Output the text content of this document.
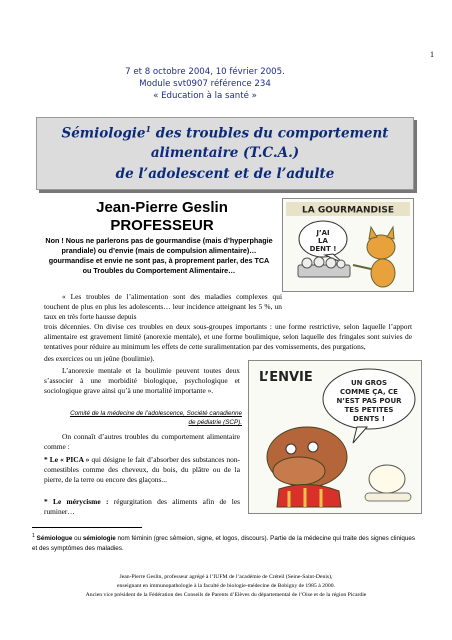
1
7 et 8 octobre 2004, 10 février 2005.
Module svt0907 référence 234
« Education à la santé »
Sémiologie$^1$ des troubles du comportement
alimentaire (T.C.A.)
de l’adolescent et de l’adulte
Jean-Pierre Geslin
PROFESSEUR
Non ! Nous ne parlerons pas de gourmandise (mais d’hyperphagie prandiale) ou d’envie (mais de compulsion alimentaire)… gourmandise et envie ne sont pas, à proprement parler, des TCA ou Troubles du Comportement Alimentaire…
LA GOURMANDISE
J’AI
LA
DENT !
« Les troubles de l’alimentation sont des maladies complexes qui touchent de plus en plus les adolescents… leur incidence atteignant les 5 %, un taux en très forte hausse depuis
trois décennies. On divise ces troubles en deux sous-groupes importants : une forme restrictive, selon laquelle l’apport alimentaire est gravement limité (anorexie mentale), et une forme boulimique, selon laquelle des fringales sont suivies de tentatives pour réduire au minimum les effets de cette suralimentation par des vomissements, des purgations,
des exercices ou un jeûne (boulimie).
L’ENVIE	UN GROS
COMME ÇA, CE
N’EST PAS POUR
TES PETITES
DENTS !
L’anorexie mentale et la boulimie peuvent toutes deux s’associer à une morbidité biologique, psychologique et sociologique grave ainsi qu’à une mortalité importante ».
Comité de la médecine de l’adolescence, Société canadienne de pédiatrie (SCP).
On connaît d’autres troubles du comportement alimentaire comme :
* Le « PICA » qui désigne le fait d’absorber des substances non-comestibles comme des cheveux, du bois, du plâtre ou de la pierre, de la terre ou encore des glaçons...
* Le mérycisme : régurgitation des aliments afin de les ruminer…
$^1$ Sémiologue ou sémiologie nom féminin (grec sêmeion, signe, et logos, discours). Partie de la médecine qui traite des signes cliniques et des symptômes des maladies.
Jean-Pierre Geslin, professeur agrégé à l’IUFM de l’académie de Créteil (Seine-Saint-Denis),
enseignant en immunopathologie à la faculté de biologie-médecine de Bobigny de 1985 à 2000.
Ancien vice président de la Fédération des Conseils de Parents d’Elèves du départemental de l’Oise et de la région Picardie
